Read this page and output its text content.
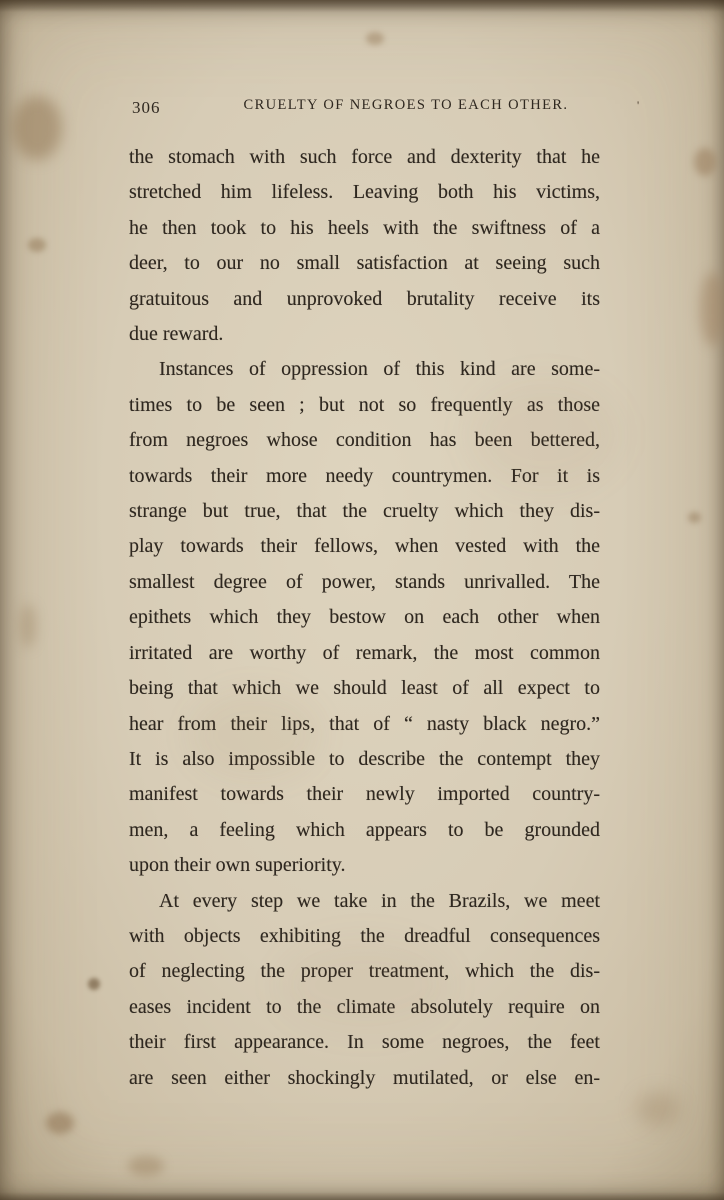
306	CRUELTY OF NEGROES TO EACH OTHER.	'
the stomach with such force and dexterity that he
stretched him lifeless. Leaving both his victims,
he then took to his heels with the swiftness of a
deer, to our no small satisfaction at seeing such
gratuitous and unprovoked brutality receive its
due reward.
Instances of oppression of this kind are some-
times to be seen ; but not so frequently as those
from negroes whose condition has been bettered,
towards their more needy countrymen. For it is
strange but true, that the cruelty which they dis-
play towards their fellows, when vested with the
smallest degree of power, stands unrivalled. The
epithets which they bestow on each other when
irritated are worthy of remark, the most common
being that which we should least of all expect to
hear from their lips, that of “ nasty black negro.”
It is also impossible to describe the contempt they
manifest towards their newly imported country-
men, a feeling which appears to be grounded
upon their own superiority.
At every step we take in the Brazils, we meet
with objects exhibiting the dreadful consequences
of neglecting the proper treatment, which the dis-
eases incident to the climate absolutely require on
their first appearance. In some negroes, the feet
are seen either shockingly mutilated, or else en-
